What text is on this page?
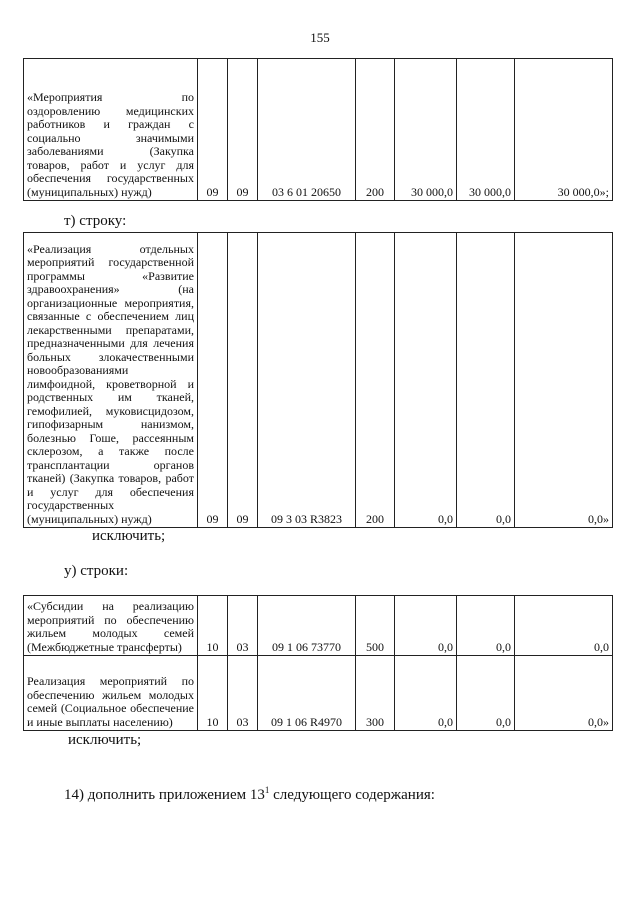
155
«Мероприятия по оздоровлению медицинских работников и граждан с социально значимыми заболеваниями (Закупка товаров, работ и услуг для обеспечения государственных (муниципальных) нужд)	09	09	03 6 01 20650	200	30 000,0	30 000,0	30 000,0»;
т) строку:
«Реализация отдельных мероприятий государственной программы «Развитие здравоохранения» (на организационные мероприятия, связанные с обеспечением лиц лекарственными препаратами, предназначенными для лечения больных злокачественными новообразованиями лимфоидной, кроветворной и родственных им тканей, гемофилией, муковисцидозом, гипофизарным нанизмом, болезнью Гоше, рассеянным склерозом, а также после трансплантации органов тканей) (Закупка товаров, работ и услуг для обеспечения государственных (муниципальных) нужд)	09	09	09 3 03 R3823	200	0,0	0,0	0,0»
исключить;
у) строки:
«Субсидии на реализацию мероприятий по обеспечению жильем молодых семей (Межбюджетные трансферты)	10	03	09 1 06 73770	500	0,0	0,0	0,0
Реализация мероприятий по обеспечению жильем молодых семей (Социальное обеспечение и иные выплаты населению)	10	03	09 1 06 R4970	300	0,0	0,0	0,0»
исключить;
14) дополнить приложением $13^1$ следующего содержания:
